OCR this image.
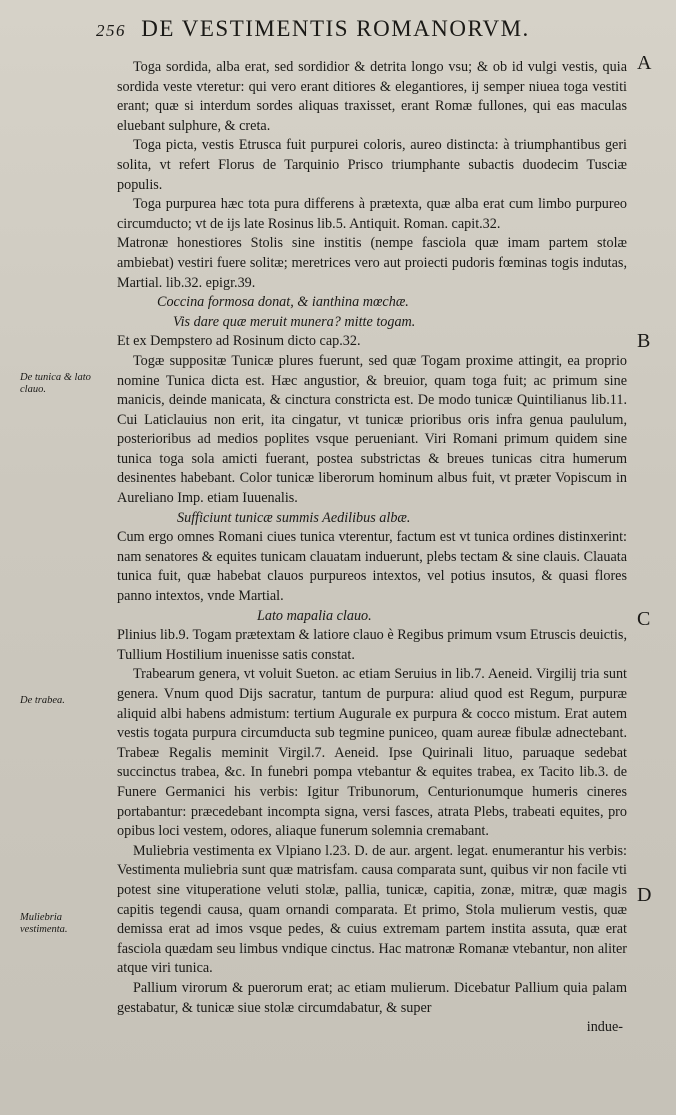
256 DE VESTIMENTIS ROMANORVM.
A
B
C
D
De tunica & lato clauo.
De trabea.
Muliebria vestimenta.

Toga sordida, alba erat, sed sordidior & detrita longo vsu; & ob id vulgi vestis, quia sordida veste vteretur: qui vero erant ditiores & elegantiores, ij semper niuea toga vestiti erant; quæ si interdum sordes aliquas traxisset, erant Romæ fullones, qui eas maculas eluebant sulphure, & creta.

Toga picta, vestis Etrusca fuit purpurei coloris, aureo distincta: à triumphantibus geri solita, vt refert Florus de Tarquinio Prisco triumphante subactis duodecim Tusciæ populis.

Toga purpurea hæc tota pura differens à prætexta, quæ alba erat cum limbo purpureo circumducto; vt de ijs late Rosinus lib.5. Antiquit. Roman. capit.32.

Matronæ honestiores Stolis sine institis (nempe fasciola quæ imam partem stolæ ambiebat) vestiri fuere solitæ; meretrices vero aut proiecti pudoris fœminas togis indutas, Martial. lib.32. epigr.39.

Coccina formosa donat, & ianthina mœchæ.

Vis dare quæ meruit munera? mitte togam.

Et ex Dempstero ad Rosinum dicto cap.32.

Togæ suppositæ Tunicæ plures fuerunt, sed quæ Togam proxime attingit, ea proprio nomine Tunica dicta est. Hæc angustior, & breuior, quam toga fuit; ac primum sine manicis, deinde manicata, & cinctura constricta est. De modo tunicæ Quintilianus lib.11. Cui Laticlauius non erit, ita cingatur, vt tunicæ prioribus oris infra genua paululum, posterioribus ad medios poplites vsque perueniant. Viri Romani primum quidem sine tunica toga sola amicti fuerant, postea substrictas & breues tunicas citra humerum desinentes habebant. Color tunicæ liberorum hominum albus fuit, vt præter Vopiscum in Aureliano Imp. etiam Iuuenalis.

Sufficiunt tunicæ summis Aedilibus albæ.

Cum ergo omnes Romani ciues tunica vterentur, factum est vt tunica ordines distinxerint: nam senatores & equites tunicam clauatam induerunt, plebs tectam & sine clauis. Clauata tunica fuit, quæ habebat clauos purpureos intextos, vel potius insutos, & quasi flores panno intextos, vnde Martial.

Lato mapalia clauo.

Plinius lib.9. Togam prætextam & latiore clauo è Regibus primum vsum Etruscis deuictis, Tullium Hostilium inuenisse satis constat.

Trabearum genera, vt voluit Sueton. ac etiam Seruius in lib.7. Aeneid. Virgilij tria sunt genera. Vnum quod Dijs sacratur, tantum de purpura: aliud quod est Regum, purpuræ aliquid albi habens admistum: tertium Augurale ex purpura & cocco mistum. Erat autem vestis togata purpura circumducta sub tegmine puniceo, quam aureæ fibulæ adnectebant. Trabeæ Regalis meminit Virgil.7. Aeneid. Ipse Quirinali lituo, paruaque sedebat succinctus trabea, &c. In funebri pompa vtebantur & equites trabea, ex Tacito lib.3. de Funere Germanici his verbis: Igitur Tribunorum, Centurionumque humeris cineres portabantur: præcedebant incompta signa, versi fasces, atrata Plebs, trabeati equites, pro opibus loci vestem, odores, aliaque funerum solemnia cremabant.

Muliebria vestimenta ex Vlpiano l.23. D. de aur. argent. legat. enumerantur his verbis: Vestimenta muliebria sunt quæ matrisfam. causa comparata sunt, quibus vir non facile vti potest sine vituperatione veluti stolæ, pallia, tunicæ, capitia, zonæ, mitræ, quæ magis capitis tegendi causa, quam ornandi comparata. Et primo, Stola mulierum vestis, quæ demissa erat ad imos vsque pedes, & cuius extremam partem instita assuta, quæ erat fasciola quædam seu limbus vndique cinctus. Hac matronæ Romanæ vtebantur, non aliter atque viri tunica.

Pallium virorum & puerorum erat; ac etiam mulierum. Dicebatur Pallium quia palam gestabatur, & tunicæ siue stolæ circumdabatur, & super

indue-
